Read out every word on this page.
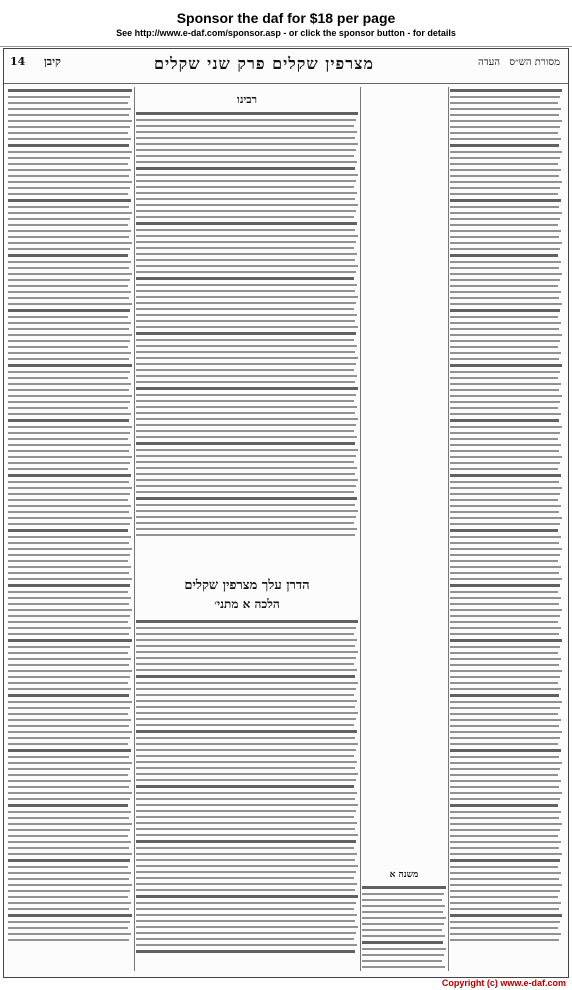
Sponsor the daf for $18 per page
See http://www.e-daf.com/sponsor.asp - or click the sponsor button - for details
14 קיבן	מצרפין שקלים פרק שני שקלים	העדה מסורת הש״ס
רבינו
הדרן עלך מצרפין שקלים
הלכה א מתני׳
משנה א
Copyright (c) www.e-daf.com
